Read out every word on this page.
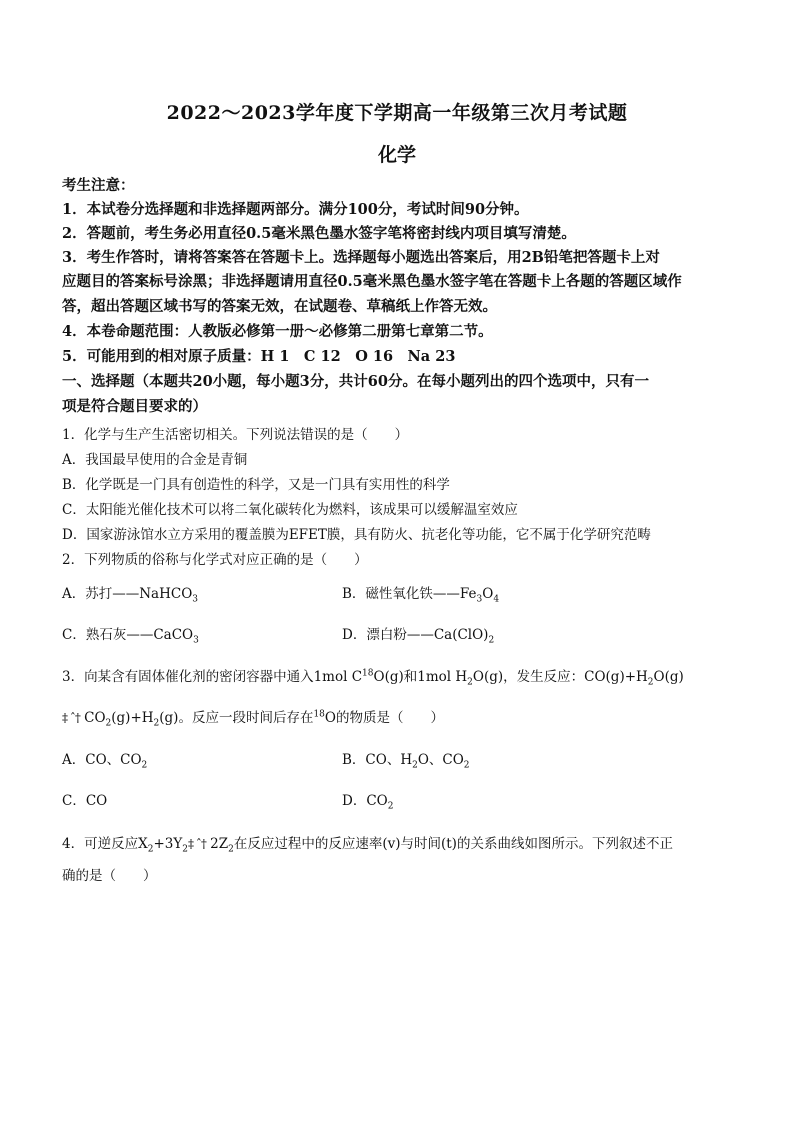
2022～2023学年度下学期高一年级第三次月考试题
化学
考生注意：
1．本试卷分选择题和非选择题两部分。满分100分，考试时间90分钟。
2．答题前，考生务必用直径0.5毫米黑色墨水签字笔将密封线内项目填写清楚。
3．考生作答时，请将答案答在答题卡上。选择题每小题选出答案后，用2B铅笔把答题卡上对
应题目的答案标号涂黑；非选择题请用直径0.5毫米黑色墨水签字笔在答题卡上各题的答题区域作
答，超出答题区域书写的答案无效，在试题卷、草稿纸上作答无效。
4．本卷命题范围：人教版必修第一册～必修第二册第七章第二节。
5．可能用到的相对原子质量：H 1　C 12　O 16　Na 23
一、选择题（本题共20小题，每小题3分，共计60分。在每小题列出的四个选项中，只有一
项是符合题目要求的）
1．化学与生产生活密切相关。下列说法错误的是（　　）
A．我国最早使用的合金是青铜
B．化学既是一门具有创造性的科学，又是一门具有实用性的科学
C．太阳能光催化技术可以将二氧化碳转化为燃料，该成果可以缓解温室效应
D．国家游泳馆水立方采用的覆盖膜为EFET膜，具有防火、抗老化等功能，它不属于化学研究范畴
2．下列物质的俗称与化学式对应正确的是（　　）
A．苏打——NaHCO$_3$	B．磁性氧化铁$——Fe_3O_4$
C．熟石灰——CaCO$_3$	D．漂白粉$——Ca(ClO)_2$
3．向某含有固体催化剂的密闭容器中通入1mol $C^{18}O(g)$和1mol $H_2O(g)$，发生反应：$CO(g)+H_2O(g)$
‡ ˆ† $CO_2(g)+H_2(g)$。反应一段时间后存在$^{18}$O的物质是（　　）
A．CO、$CO_2$	B．CO、$H_2O$、$CO_2$
C．CO	D．$CO_2$
4．可逆反应$X_2+3Y_2\ddagger$ ˆ† $2Z_2$在反应过程中的反应速率(v)与时间(t)的关系曲线如图所示。下列叙述不正
确的是（　　）
